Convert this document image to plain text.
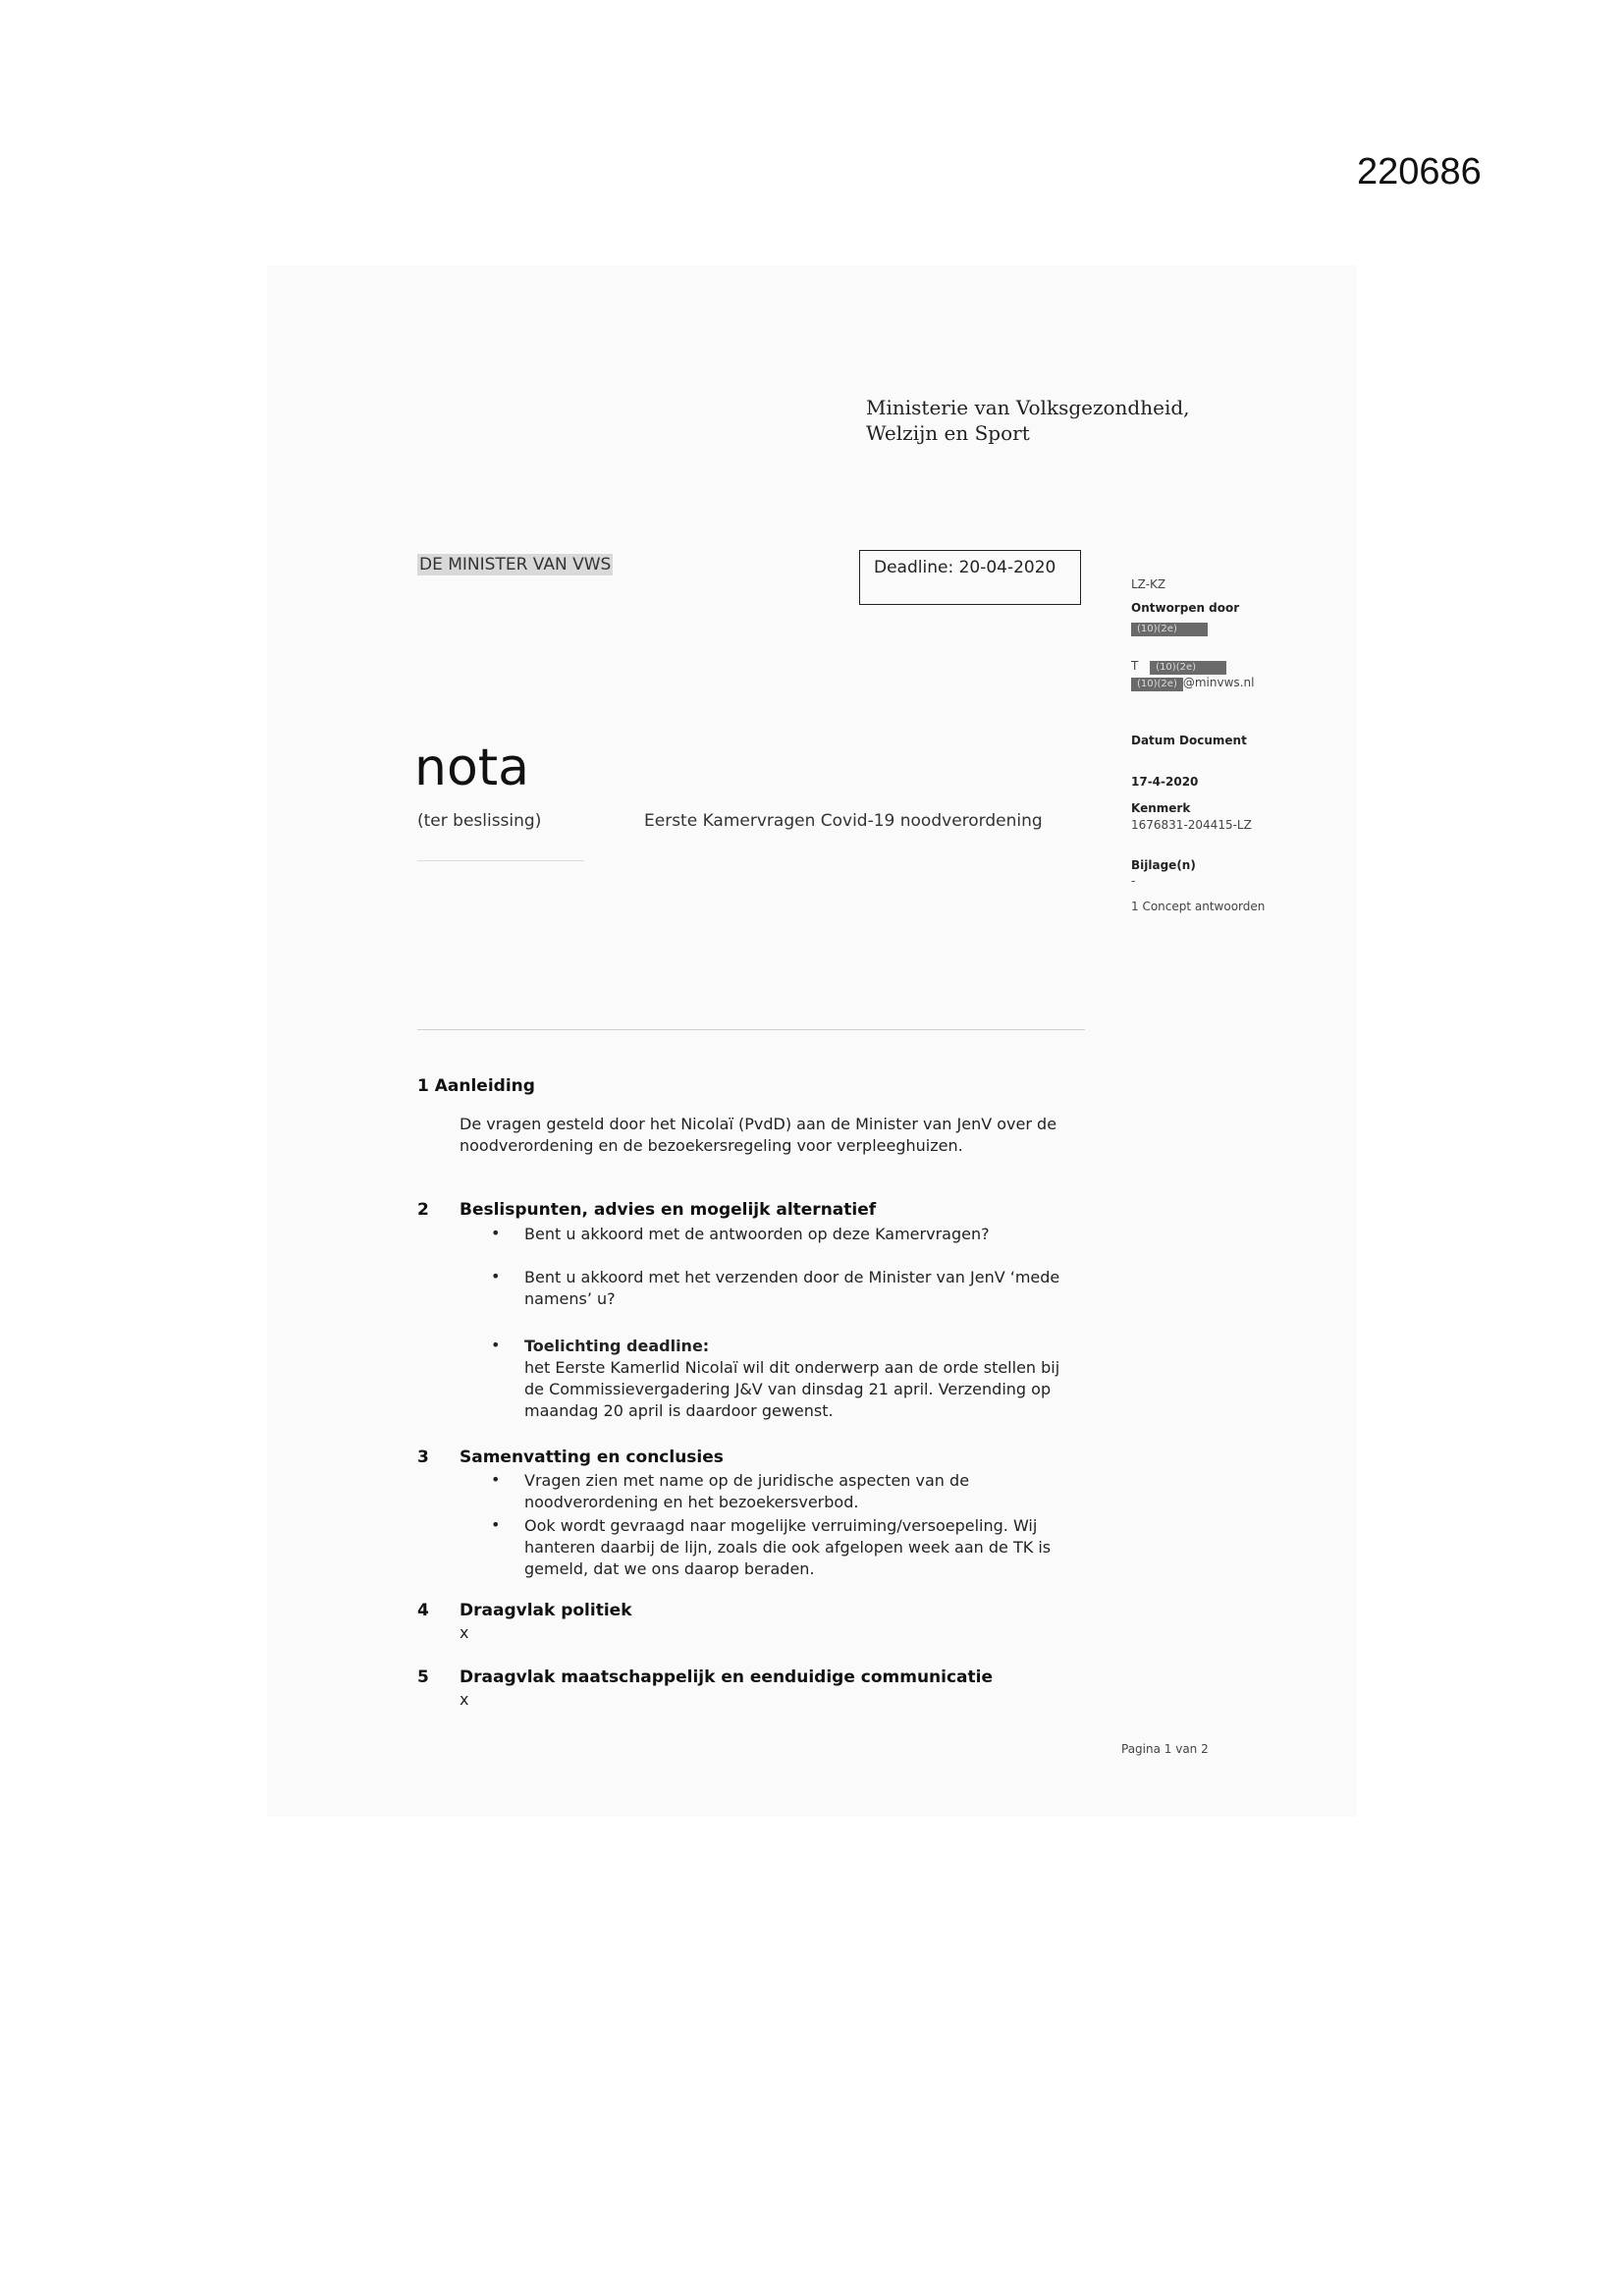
220686
Ministerie van Volksgezondheid,
Welzijn en Sport
DE MINISTER VAN VWS	Deadline: 20-04-2020
LZ-KZ
Ontworpen door
(10)(2e)
T (10)(2e)
(10)(2e) @minvws.nl
Datum Document
17-4-2020
Kenmerk
1676831-204415-LZ
Bijlage(n)
-
1 Concept antwoorden
nota
(ter beslissing)	Eerste Kamervragen Covid-19 noodverordening
1 Aanleiding
De vragen gesteld door het Nicolaï (PvdD) aan de Minister van JenV over de
noodverordening en de bezoekersregeling voor verpleeghuizen.
2 Beslispunten, advies en mogelijk alternatief
• Bent u akkoord met de antwoorden op deze Kamervragen?
• Bent u akkoord met het verzenden door de Minister van JenV ‘mede
namens’ u?
• Toelichting deadline:
het Eerste Kamerlid Nicolaï wil dit onderwerp aan de orde stellen bij
de Commissievergadering J&V van dinsdag 21 april. Verzending op
maandag 20 april is daardoor gewenst.
3 Samenvatting en conclusies
• Vragen zien met name op de juridische aspecten van de
noodverordening en het bezoekersverbod.
• Ook wordt gevraagd naar mogelijke verruiming/versoepeling. Wij
hanteren daarbij de lijn, zoals die ook afgelopen week aan de TK is
gemeld, dat we ons daarop beraden.
4 Draagvlak politiek
x
5 Draagvlak maatschappelijk en eenduidige communicatie
x
Pagina 1 van 2
